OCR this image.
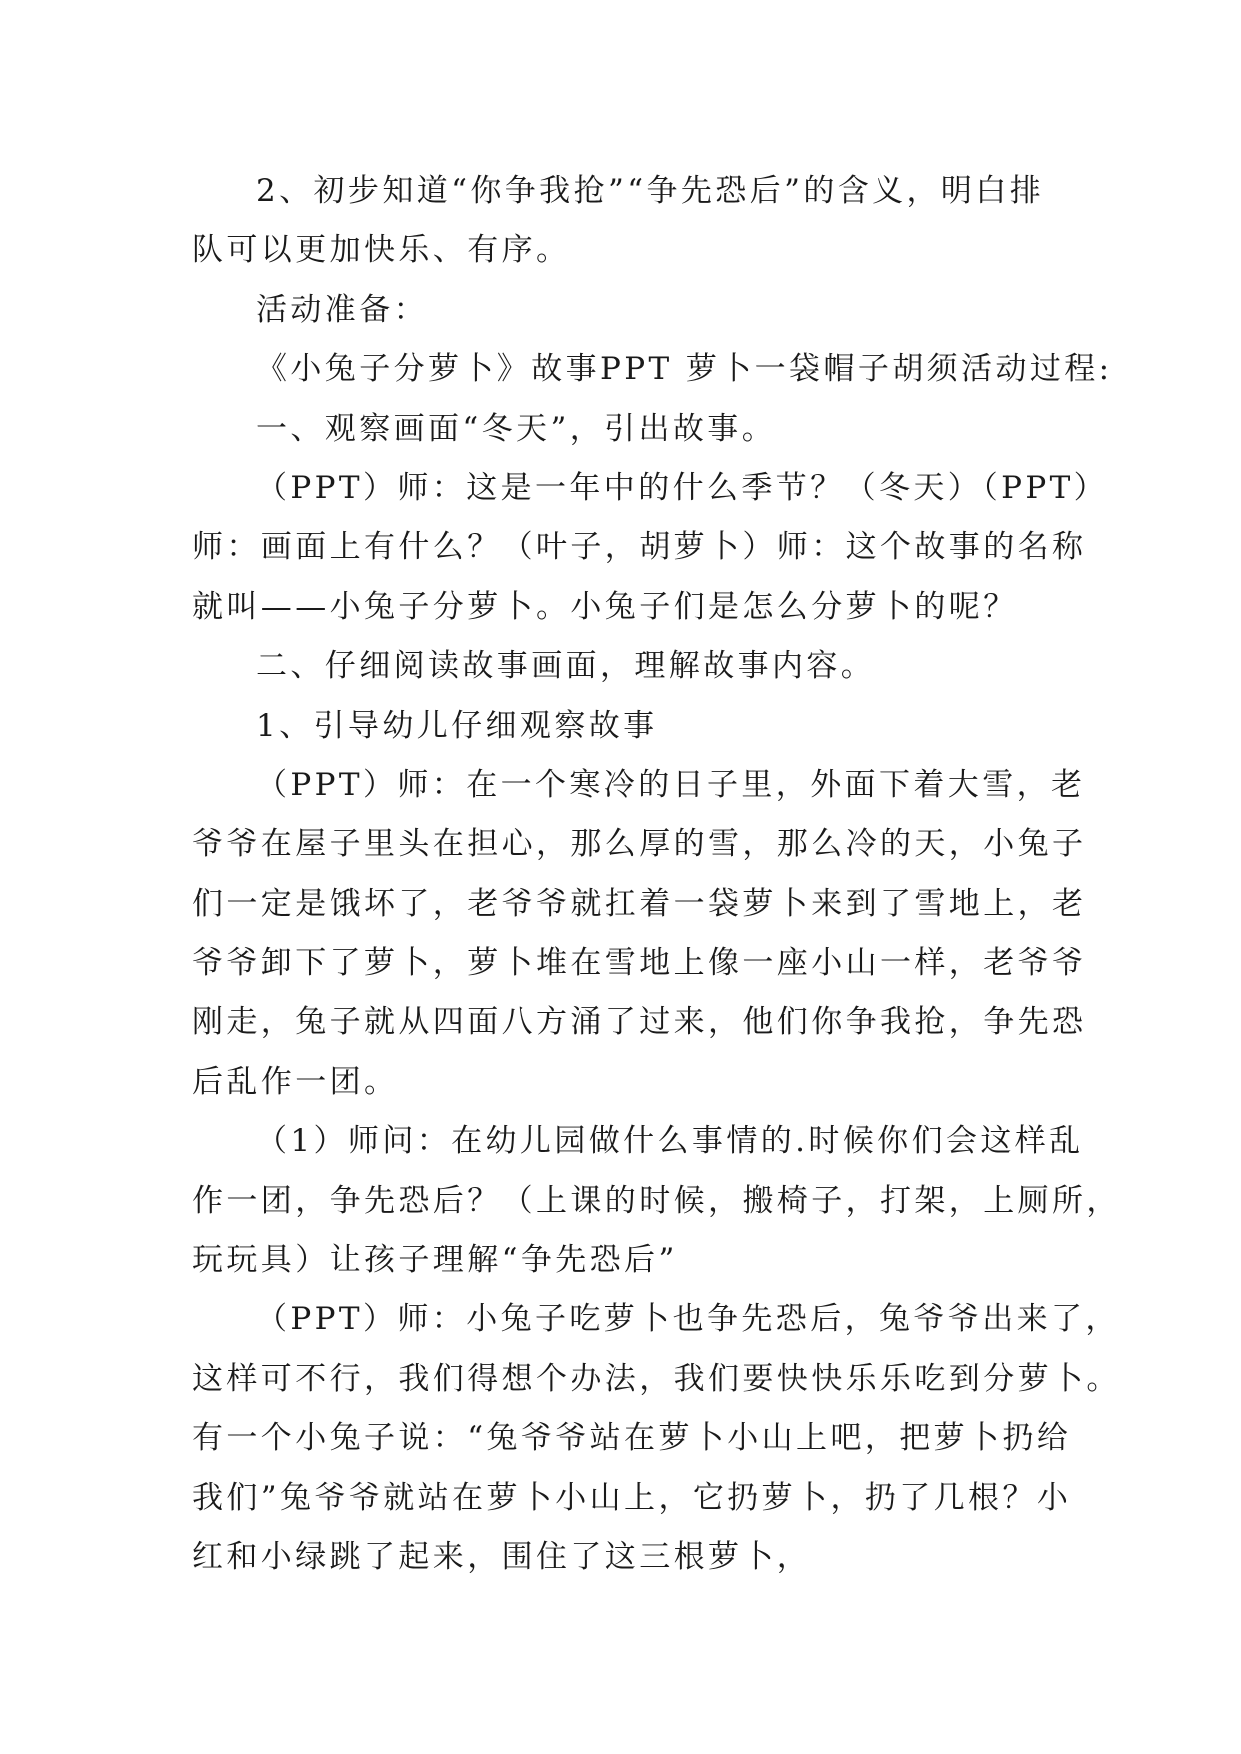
2、初步知道“你争我抢”“争先恐后”的含义，明白排
队可以更加快乐、有序。
活动准备：
《小兔子分萝卜》故事PPT 萝卜一袋帽子胡须活动过程:
一、观察画面“冬天”，引出故事。
（PPT）师：这是一年中的什么季节？（冬天）（PPT）
师：画面上有什么？（叶子，胡萝卜）师：这个故事的名称
就叫——小兔子分萝卜。小兔子们是怎么分萝卜的呢？
二、仔细阅读故事画面，理解故事内容。
1、引导幼儿仔细观察故事
（PPT）师：在一个寒冷的日子里，外面下着大雪，老
爷爷在屋子里头在担心，那么厚的雪，那么冷的天，小兔子
们一定是饿坏了，老爷爷就扛着一袋萝卜来到了雪地上，老
爷爷卸下了萝卜，萝卜堆在雪地上像一座小山一样，老爷爷
刚走，兔子就从四面八方涌了过来，他们你争我抢，争先恐
后乱作一团。
（1）师问：在幼儿园做什么事情的.时候你们会这样乱
作一团，争先恐后？（上课的时候，搬椅子，打架，上厕所，
玩玩具）让孩子理解“争先恐后”
（PPT）师：小兔子吃萝卜也争先恐后，兔爷爷出来了，
这样可不行，我们得想个办法，我们要快快乐乐吃到分萝卜。
有一个小兔子说：“兔爷爷站在萝卜小山上吧，把萝卜扔给
我们”兔爷爷就站在萝卜小山上，它扔萝卜，扔了几根？小
红和小绿跳了起来，围住了这三根萝卜，
